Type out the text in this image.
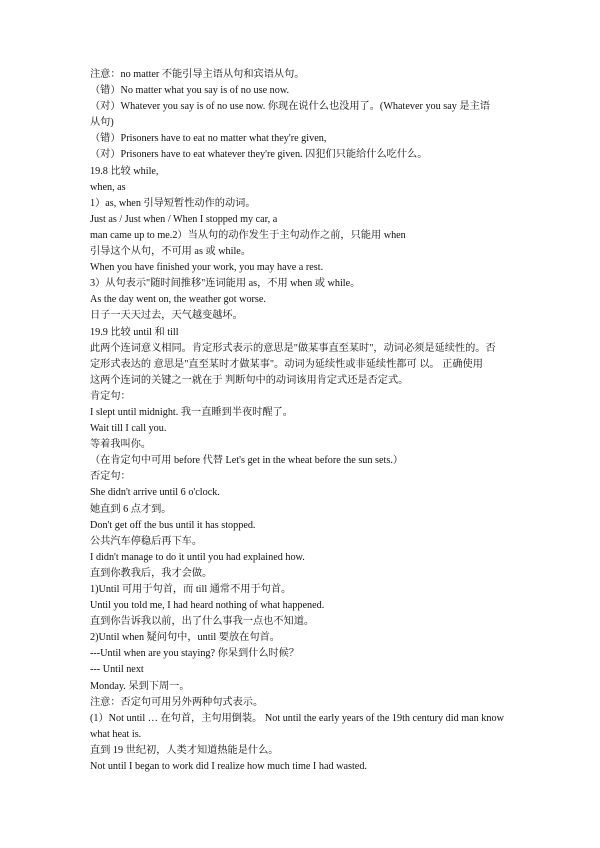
注意：no matter 不能引导主语从句和宾语从句。

（错）No matter what you say is of no use now.

（对）Whatever you say is of no use now. 你现在说什么也没用了。(Whatever you say 是主语

从句)

（错）Prisoners have to eat no matter what they're given,

（对）Prisoners have to eat whatever they're given. 囚犯们只能给什么吃什么。

19.8 比较 while,

when, as

1）as, when 引导短暂性动作的动词。

Just as / Just when / When I stopped my car, a

man came up to me.2）当从句的动作发生于主句动作之前，只能用 when

引导这个从句，不可用 as 或 while。

When you have finished your work, you may have a rest.

3）从句表示"随时间推移"连词能用 as，不用 when 或 while。

As the day went on, the weather got worse.

日子一天天过去，天气越变越坏。

19.9 比较 until 和 till

此两个连词意义相同。肯定形式表示的意思是"做某事直至某时"，动词必须是延续性的。否

定形式表达的 意思是"直至某时才做某事"。动词为延续性或非延续性都可 以。 正确使用

这两个连词的关键之一就在于 判断句中的动词该用肯定式还是否定式。

肯定句：

I slept until midnight. 我一直睡到半夜时醒了。

Wait till I call you.

等着我叫你。

（在肯定句中可用 before 代替 Let's get in the wheat before the sun sets.）

否定句：

She didn't arrive until 6 o'clock.

她直到 6 点才到。

Don't get off the bus until it has stopped.

公共汽车停稳后再下车。

I didn't manage to do it until you had explained how.

直到你教我后，我才会做。

1)Until 可用于句首，而 till 通常不用于句首。

Until you told me, I had heard nothing of what happened.

直到你告诉我以前，出了什么事我一点也不知道。

2)Until when 疑问句中，until 要放在句首。

---Until when are you staying? 你呆到什么时候？

--- Until next

Monday. 呆到下周一。

注意：否定句可用另外两种句式表示。

(1）Not until … 在句首，主句用倒装。 Not until the early years of the 19th century did man know

what heat is.

直到 19 世纪初，人类才知道热能是什么。

Not until I began to work did I realize how much time I had wasted.
